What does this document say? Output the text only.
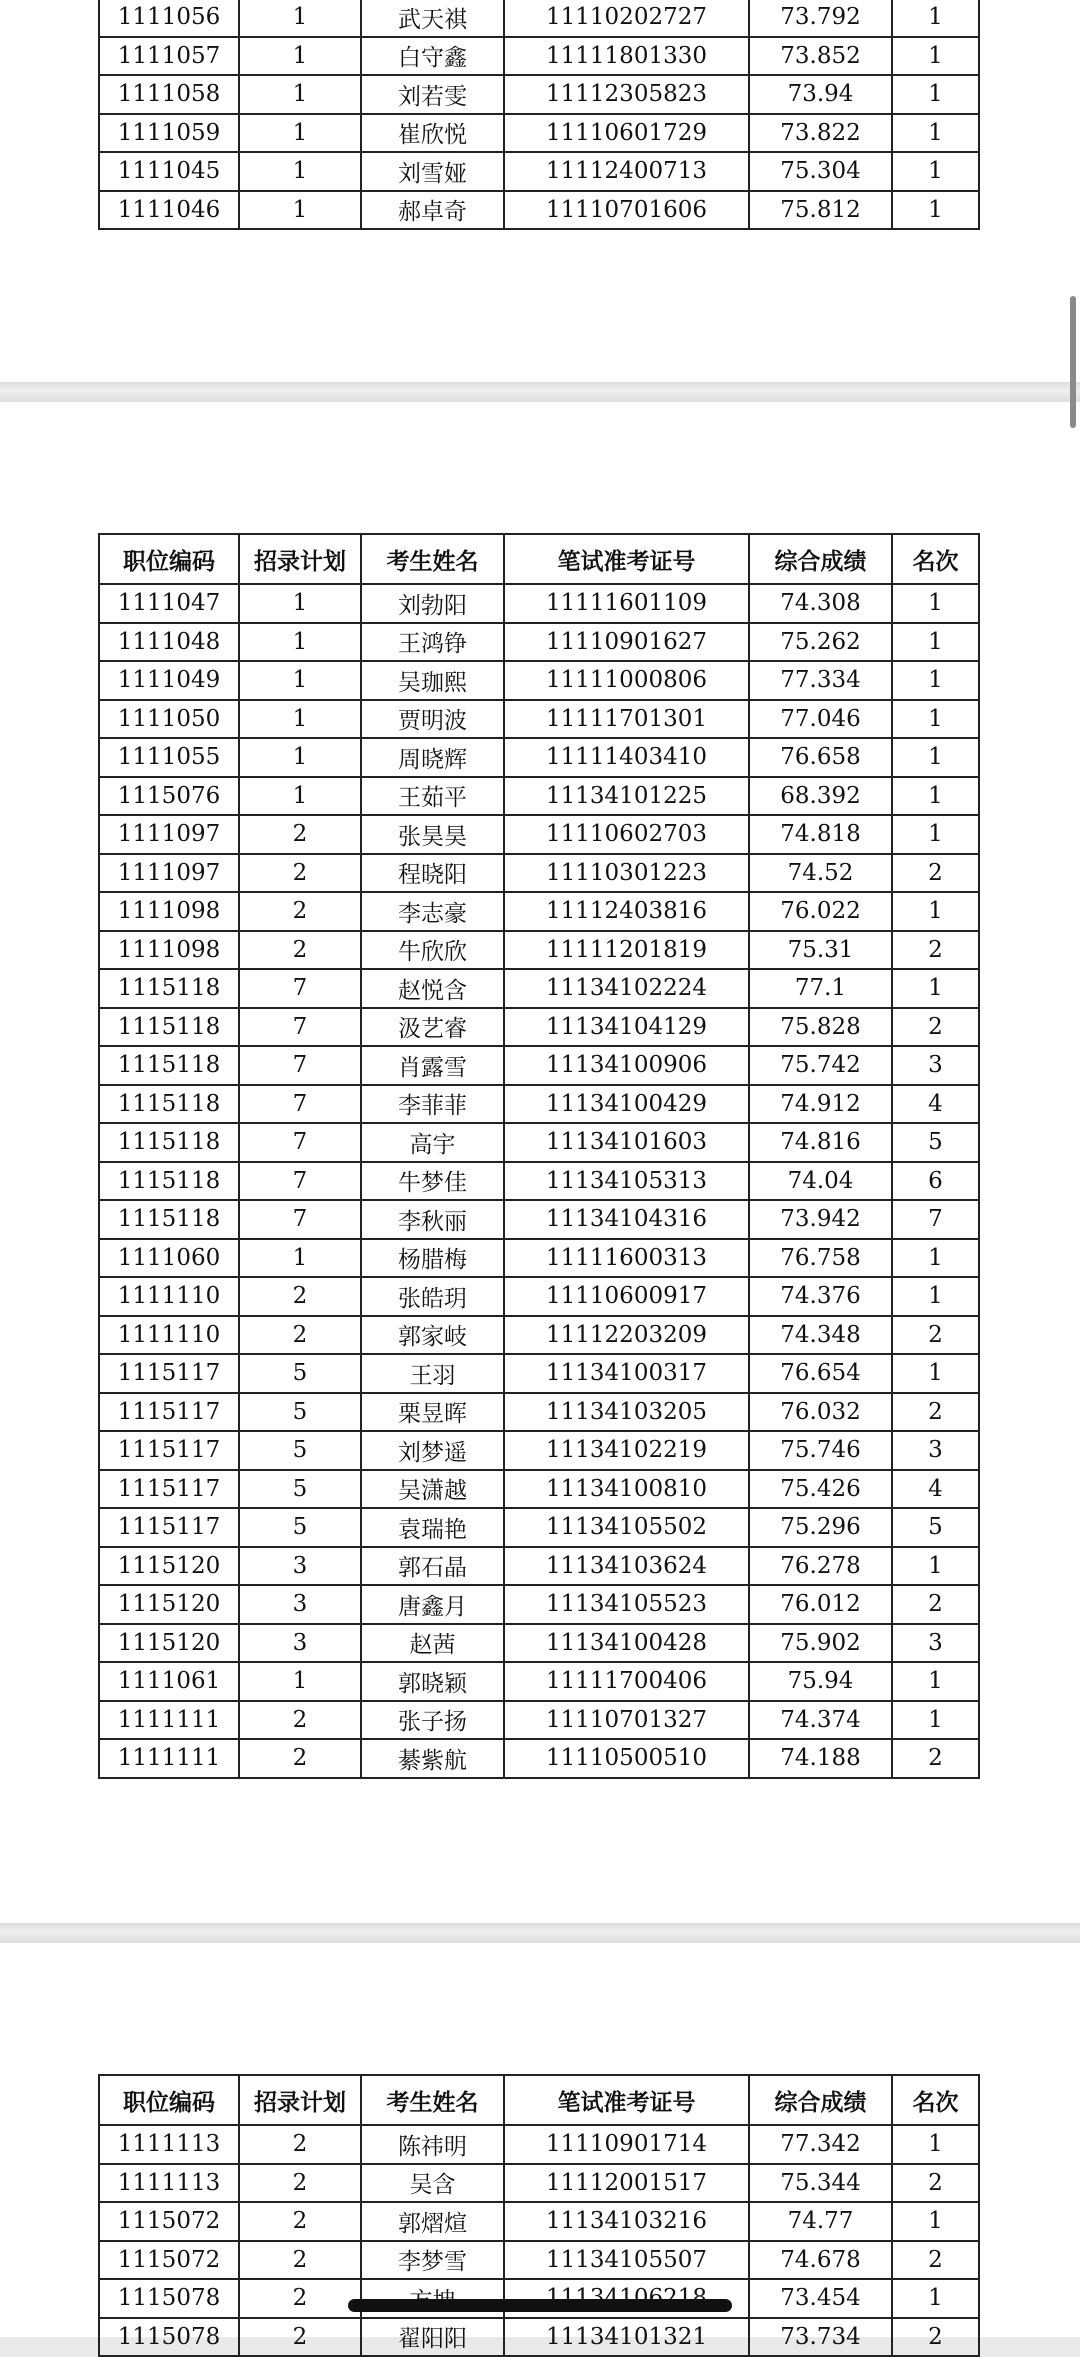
1111056	1	武天祺	11110202727	73.792	1
1111057	1	白守鑫	11111801330	73.852	1
1111058	1	刘若雯	11112305823	73.94	1
1111059	1	崔欣悦	11110601729	73.822	1
1111045	1	刘雪娅	11112400713	75.304	1
1111046	1	郝卓奇	11110701606	75.812	1
职位编码	招录计划	考生姓名	笔试准考证号	综合成绩	名次
1111047	1	刘勃阳	11111601109	74.308	1
1111048	1	王鸿铮	11110901627	75.262	1
1111049	1	吴珈熙	11111000806	77.334	1
1111050	1	贾明波	11111701301	77.046	1
1111055	1	周晓辉	11111403410	76.658	1
1115076	1	王茹平	11134101225	68.392	1
1111097	2	张昊昊	11110602703	74.818	1
1111097	2	程晓阳	11110301223	74.52	2
1111098	2	李志豪	11112403816	76.022	1
1111098	2	牛欣欣	11111201819	75.31	2
1115118	7	赵悦含	11134102224	77.1	1
1115118	7	汲艺睿	11134104129	75.828	2
1115118	7	肖露雪	11134100906	75.742	3
1115118	7	李菲菲	11134100429	74.912	4
1115118	7	高宇	11134101603	74.816	5
1115118	7	牛梦佳	11134105313	74.04	6
1115118	7	李秋丽	11134104316	73.942	7
1111060	1	杨腊梅	11111600313	76.758	1
1111110	2	张皓玥	11110600917	74.376	1
1111110	2	郭家岐	11112203209	74.348	2
1115117	5	王羽	11134100317	76.654	1
1115117	5	栗昱晖	11134103205	76.032	2
1115117	5	刘梦遥	11134102219	75.746	3
1115117	5	吴潇越	11134100810	75.426	4
1115117	5	袁瑞艳	11134105502	75.296	5
1115120	3	郭石晶	11134103624	76.278	1
1115120	3	唐鑫月	11134105523	76.012	2
1115120	3	赵茜	11134100428	75.902	3
1111061	1	郭晓颖	11111700406	75.94	1
1111111	2	张子扬	11110701327	74.374	1
1111111	2	綦紫航	11110500510	74.188	2
职位编码	招录计划	考生姓名	笔试准考证号	综合成绩	名次
1111113	2	陈祎明	11110901714	77.342	1
1111113	2	吴含	11112001517	75.344	2
1115072	2	郭熠煊	11134103216	74.77	1
1115072	2	李梦雪	11134105507	74.678	2
1115078	2			73.454	1
1115078	2	翟阳阳	11134101321	73.734	2
